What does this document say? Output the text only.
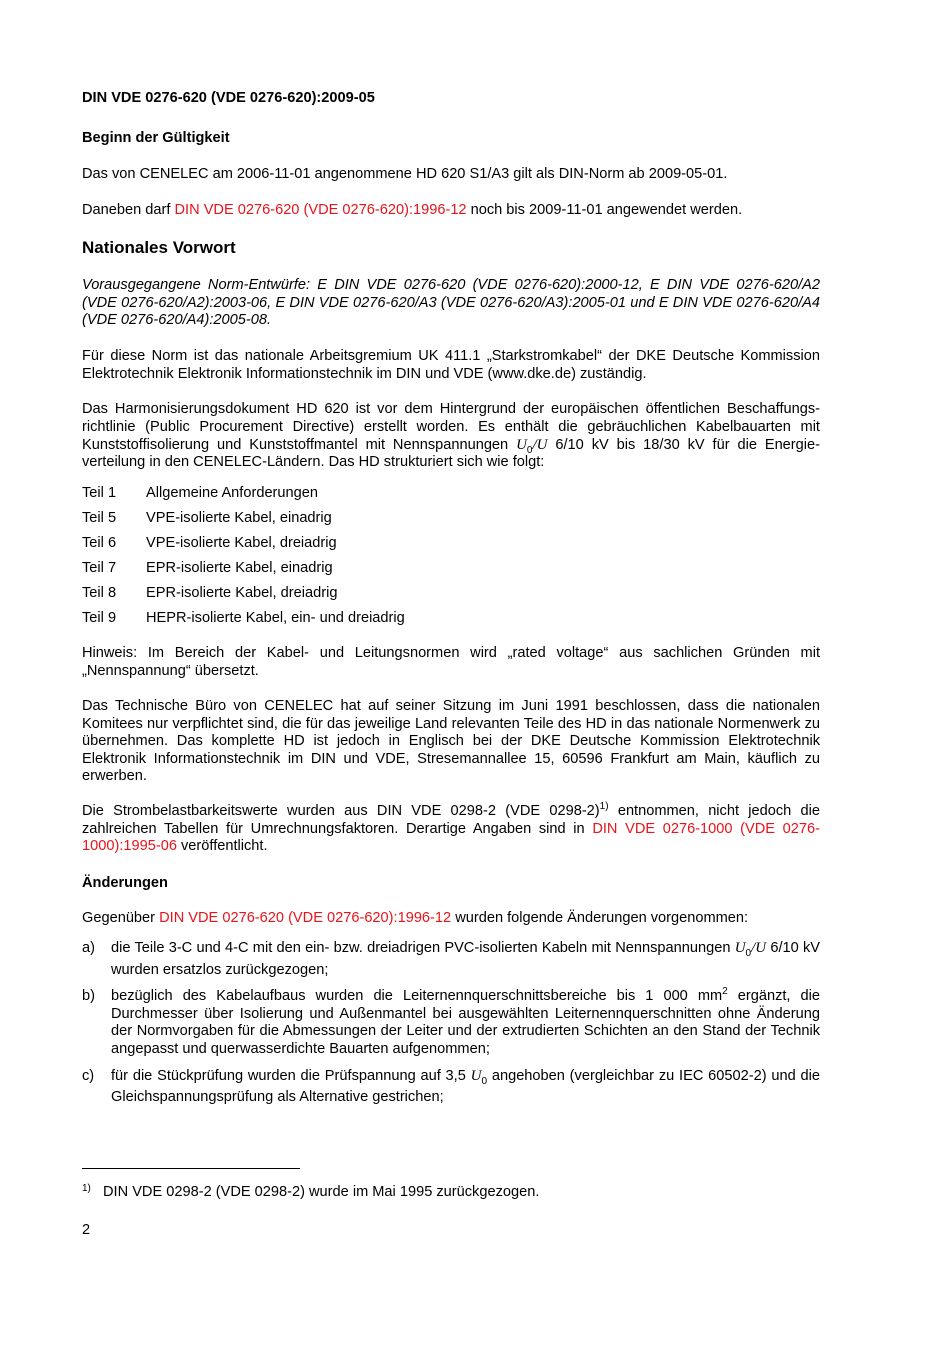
DIN VDE 0276-620 (VDE 0276-620):2009-05
Beginn der Gültigkeit
Das von CENELEC am 2006-11-01 angenommene HD 620 S1/A3 gilt als DIN-Norm ab 2009-05-01.
Daneben darf DIN VDE 0276-620 (VDE 0276-620):1996-12 noch bis 2009-11-01 angewendet werden.
Nationales Vorwort
Vorausgegangene Norm-Entwürfe: E DIN VDE 0276-620 (VDE 0276-620):2000-12, E DIN VDE 0276-620/A2 (VDE 0276-620/A2):2003-06, E DIN VDE 0276-620/A3 (VDE 0276-620/A3):2005-01 und E DIN VDE 0276-620/A4 (VDE 0276-620/A4):2005-08.
Für diese Norm ist das nationale Arbeitsgremium UK 411.1 „Starkstromkabel“ der DKE Deutsche Kommission Elektrotechnik Elektronik Informationstechnik im DIN und VDE (www.dke.de) zuständig.
Das Harmonisierungsdokument HD 620 ist vor dem Hintergrund der europäischen öffentlichen Beschaffungs-richtlinie (Public Procurement Directive) erstellt worden. Es enthält die gebräuchlichen Kabelbauarten mit Kunststoffisolierung und Kunststoffmantel mit Nennspannungen $U_0/U$ 6/10 kV bis 18/30 kV für die Energie-verteilung in den CENELEC-Ländern. Das HD strukturiert sich wie folgt:
Teil 1 Allgemeine Anforderungen
Teil 5 VPE-isolierte Kabel, einadrig
Teil 6 VPE-isolierte Kabel, dreiadrig
Teil 7 EPR-isolierte Kabel, einadrig
Teil 8 EPR-isolierte Kabel, dreiadrig
Teil 9 HEPR-isolierte Kabel, ein- und dreiadrig
Hinweis: Im Bereich der Kabel- und Leitungsnormen wird „rated voltage“ aus sachlichen Gründen mit „Nennspannung“ übersetzt.
Das Technische Büro von CENELEC hat auf seiner Sitzung im Juni 1991 beschlossen, dass die nationalen Komitees nur verpflichtet sind, die für das jeweilige Land relevanten Teile des HD in das nationale Normenwerk zu übernehmen. Das komplette HD ist jedoch in Englisch bei der DKE Deutsche Kommission Elektrotechnik Elektronik Informationstechnik im DIN und VDE, Stresemannallee 15, 60596 Frankfurt am Main, käuflich zu erwerben.
Die Strombelastbarkeitswerte wurden aus DIN VDE 0298-2 (VDE 0298-2)$^{1)}$ entnommen, nicht jedoch die zahlreichen Tabellen für Umrechnungsfaktoren. Derartige Angaben sind in DIN VDE 0276-1000 (VDE 0276-1000):1995-06 veröffentlicht.
Änderungen
Gegenüber DIN VDE 0276-620 (VDE 0276-620):1996-12 wurden folgende Änderungen vorgenommen:
a) die Teile 3-C und 4-C mit den ein- bzw. dreiadrigen PVC-isolierten Kabeln mit Nennspannungen $U_0/U$ 6/10 kV wurden ersatzlos zurückgezogen;
b) bezüglich des Kabelaufbaus wurden die Leiternennquerschnittsbereiche bis 1 000 $mm^2$ ergänzt, die Durchmesser über Isolierung und Außenmantel bei ausgewählten Leiternennquerschnitten ohne Änderung der Normvorgaben für die Abmessungen der Leiter und der extrudierten Schichten an den Stand der Technik angepasst und querwasserdichte Bauarten aufgenommen;
c) für die Stückprüfung wurden die Prüfspannung auf 3,5 $U_0$ angehoben (vergleichbar zu IEC 60502-2) und die Gleichspannungsprüfung als Alternative gestrichen;
1) DIN VDE 0298-2 (VDE 0298-2) wurde im Mai 1995 zurückgezogen.
2
